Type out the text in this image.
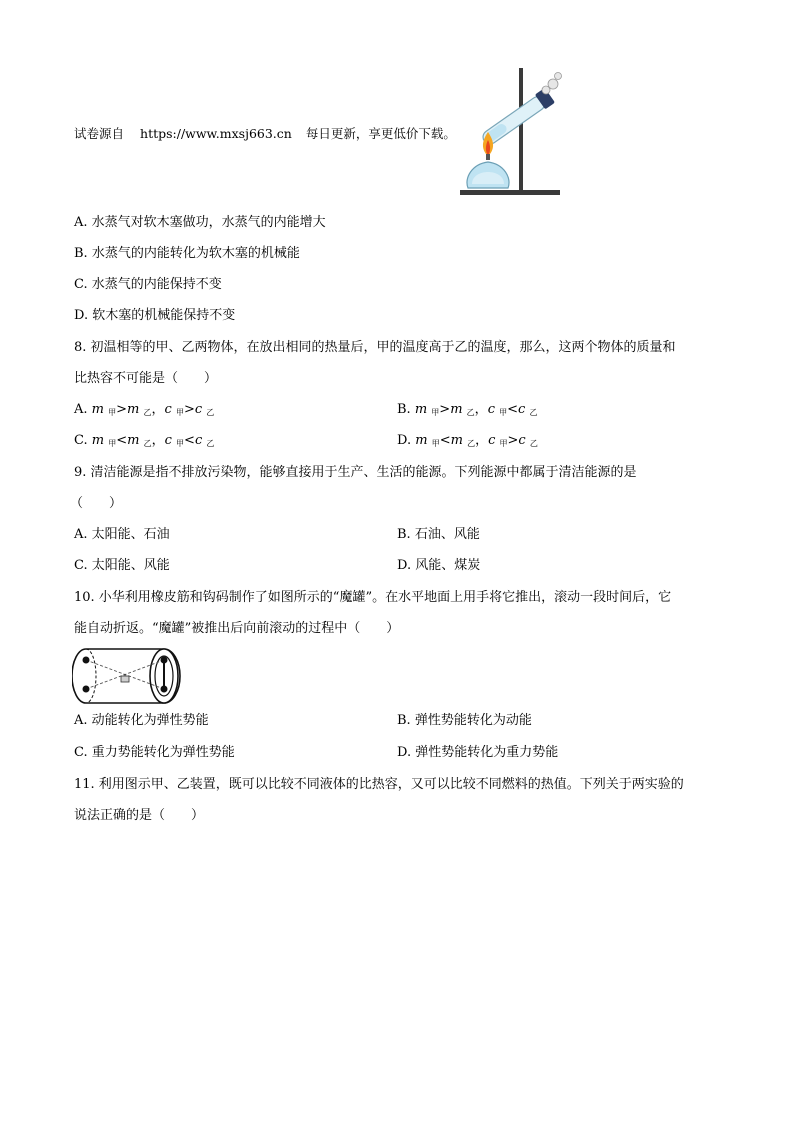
试卷源自 https://www.mxsj663.cn 每日更新，享更低价下载。
A. 水蒸气对软木塞做功，水蒸气的内能增大
B. 水蒸气的内能转化为软木塞的机械能
C. 水蒸气的内能保持不变
D. 软木塞的机械能保持不变
8. 初温相等的甲、乙两物体，在放出相同的热量后，甲的温度高于乙的温度，那么，这两个物体的质量和
比热容不可能是（　　）
A. m $_甲$>m $_乙$，c $_甲$>c $_乙$	B. m $_甲$>m $_乙$，c $_甲$<c $_乙$
C. m $_甲$<m $_乙$，c $_甲$<c $_乙$	D. m $_甲$<m $_乙$，c $_甲$>c $_乙$
9. 清洁能源是指不排放污染物，能够直接用于生产、生活的能源。下列能源中都属于清洁能源的是
（　　）
A. 太阳能、石油	B. 石油、风能
C. 太阳能、风能	D. 风能、煤炭
10. 小华利用橡皮筋和钩码制作了如图所示的“魔罐”。在水平地面上用手将它推出，滚动一段时间后，它
能自动折返。“魔罐”被推出后向前滚动的过程中（　　）
A. 动能转化为弹性势能	B. 弹性势能转化为动能
C. 重力势能转化为弹性势能	D. 弹性势能转化为重力势能
11. 利用图示甲、乙装置，既可以比较不同液体的比热容，又可以比较不同燃料的热值。下列关于两实验的
说法正确的是（　　）
